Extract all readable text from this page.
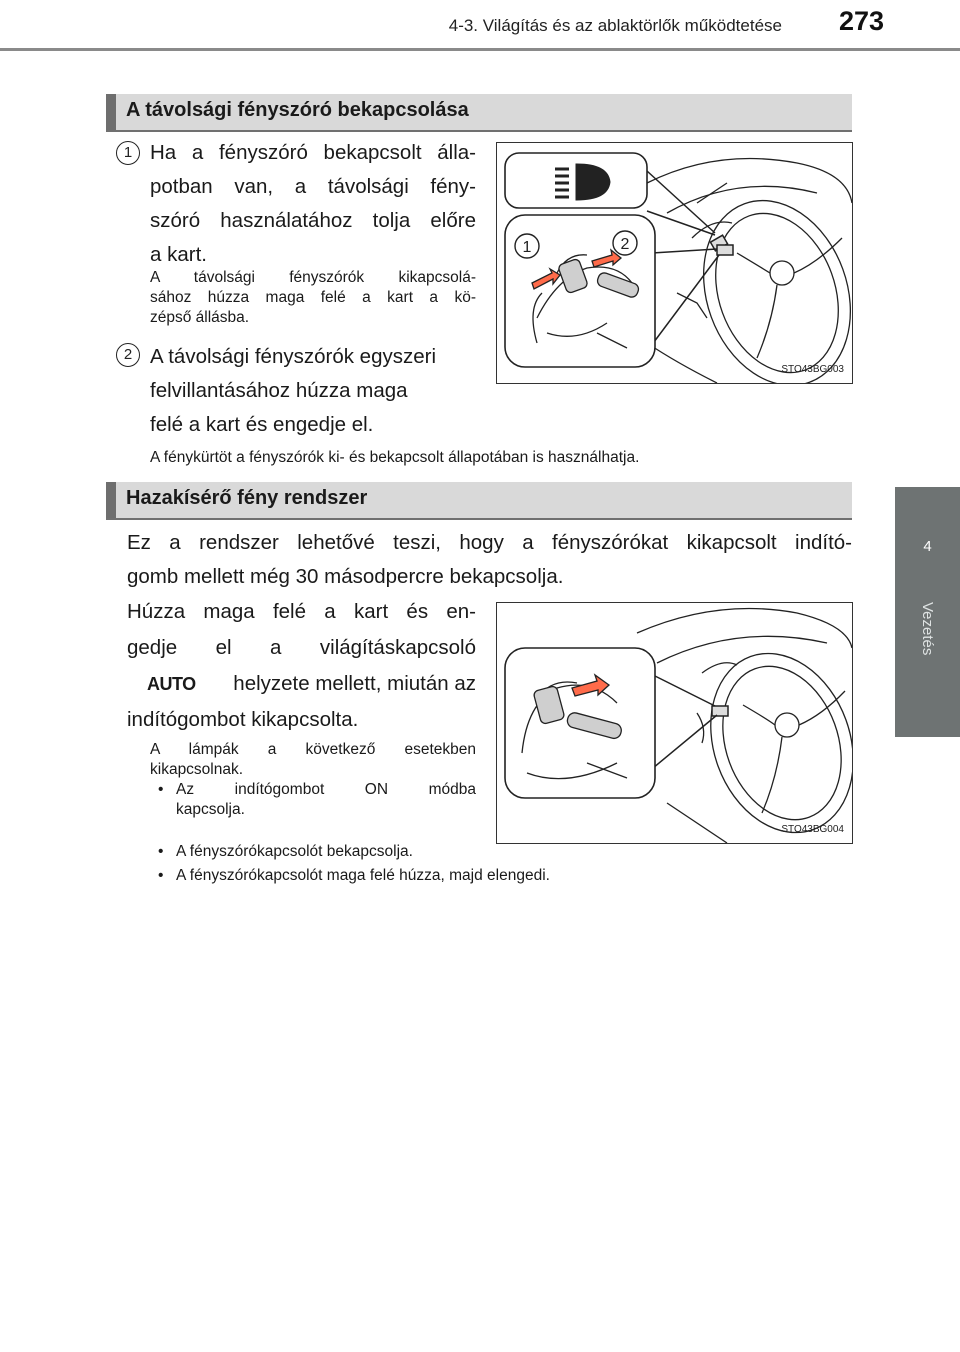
4-3. Világítás és az ablaktörlők működtetése 273
4
Vezetés
A távolsági fényszóró bekapcsolása
1 Ha a fényszóró bekapcsolt álla-
potban van, a távolsági fény-
szóró használatához tolja előre
a kart.
A távolsági fényszórók kikapcsolá-
sához húzza maga felé a kart a kö-
zépső állásba.
2 A távolsági fényszórók egyszeri
felvillantásához húzza maga
felé a kart és engedje el.
A fénykürtöt a fényszórók ki- és bekapcsolt állapotában is használhatja.
1	2
STO43BG003
Hazakísérő fény rendszer
Ez a rendszer lehetővé teszi, hogy a fényszórókat kikapcsolt indító-
gomb mellett még 30 másodpercre bekapcsolja.
Húzza maga felé a kart és en-
gedje el a világításkapcsoló
AUTO helyzete mellett, miután az
indítógombot kikapcsolta.
A lámpák a következő esetekben
kikapcsolnak.
• Az indítógombot ON módba
kapcsolja.
• A fényszórókapcsolót bekapcsolja.
• A fényszórókapcsolót maga felé húzza, majd elengedi.
STO43BG004
